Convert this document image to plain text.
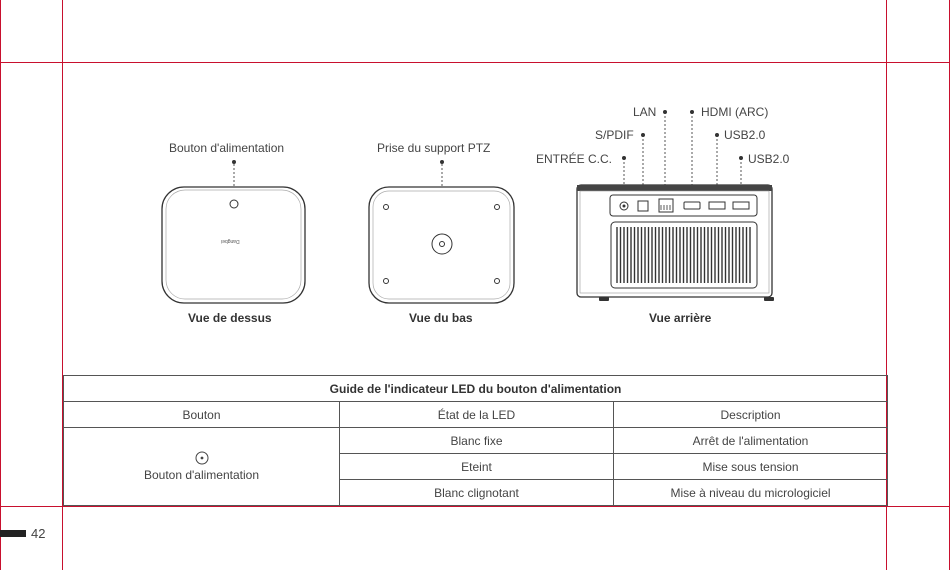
Bouton d'alimentation
Dangbei
Vue de dessus
Prise du support PTZ
Vue du bas
LAN	HDMI (ARC)
S/PDIF	USB2.0
ENTRÉE C.C.	USB2.0
Vue arrière
Guide de l'indicateur LED du bouton d'alimentation		
Bouton	État de la LED	Description

Bouton d'alimentation	Blanc fixe	Arrêt de l'alimentation
	Eteint	Mise sous tension
	Blanc clignotant	Mise à niveau du micrologiciel
42
